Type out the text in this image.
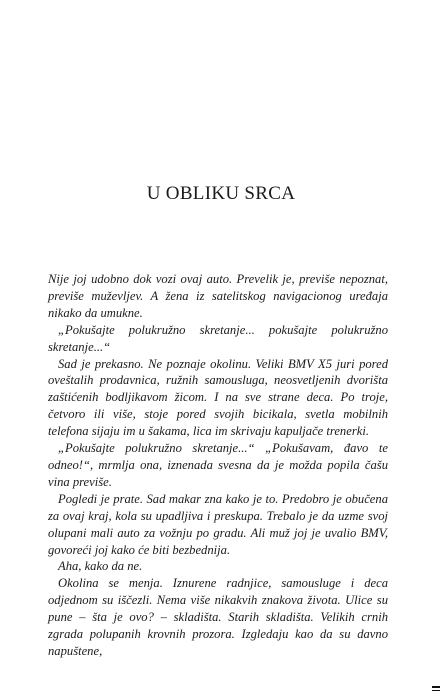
U OBLIKU SRCA

Nije joj udobno dok vozi ovaj auto. Prevelik je, previše nepoznat, previše muževljev. A žena iz satelitskog navigacionog uređaja nikako da umukne.

„Pokušajte polukružno skretanje... pokušajte polukružno skretanje...“

Sad je prekasno. Ne poznaje okolinu. Veliki BMV X5 juri pored oveštalih prodavnica, ružnih samousluga, neosvetljenih dvorišta zaštićenih bodljikavom žicom. I na sve strane deca. Po troje, četvoro ili više, stoje pored svojih bicikala, svetla mobilnih telefona sijaju im u šakama, lica im skrivaju kapuljače trenerki.

„Pokušajte polukružno skretanje...“ „Pokušavam, đavo te odneo!“, mrmlja ona, iznenada svesna da je možda popila čašu vina previše.

Pogledi je prate. Sad makar zna kako je to. Predobro je obučena za ovaj kraj, kola su upadljiva i preskupa. Trebalo je da uzme svoj olupani mali auto za vožnju po gradu. Ali muž joj je uvalio BMV, govoreći joj kako će biti bezbednija.

Aha, kako da ne.

Okolina se menja. Iznurene radnjice, samousluge i deca odjednom su iščezli. Nema više nikakvih znakova života. Ulice su pune – šta je ovo? – skladišta. Starih skladišta. Velikih crnih zgrada polupanih krovnih prozora. Izgledaju kao da su davno napuštene,
